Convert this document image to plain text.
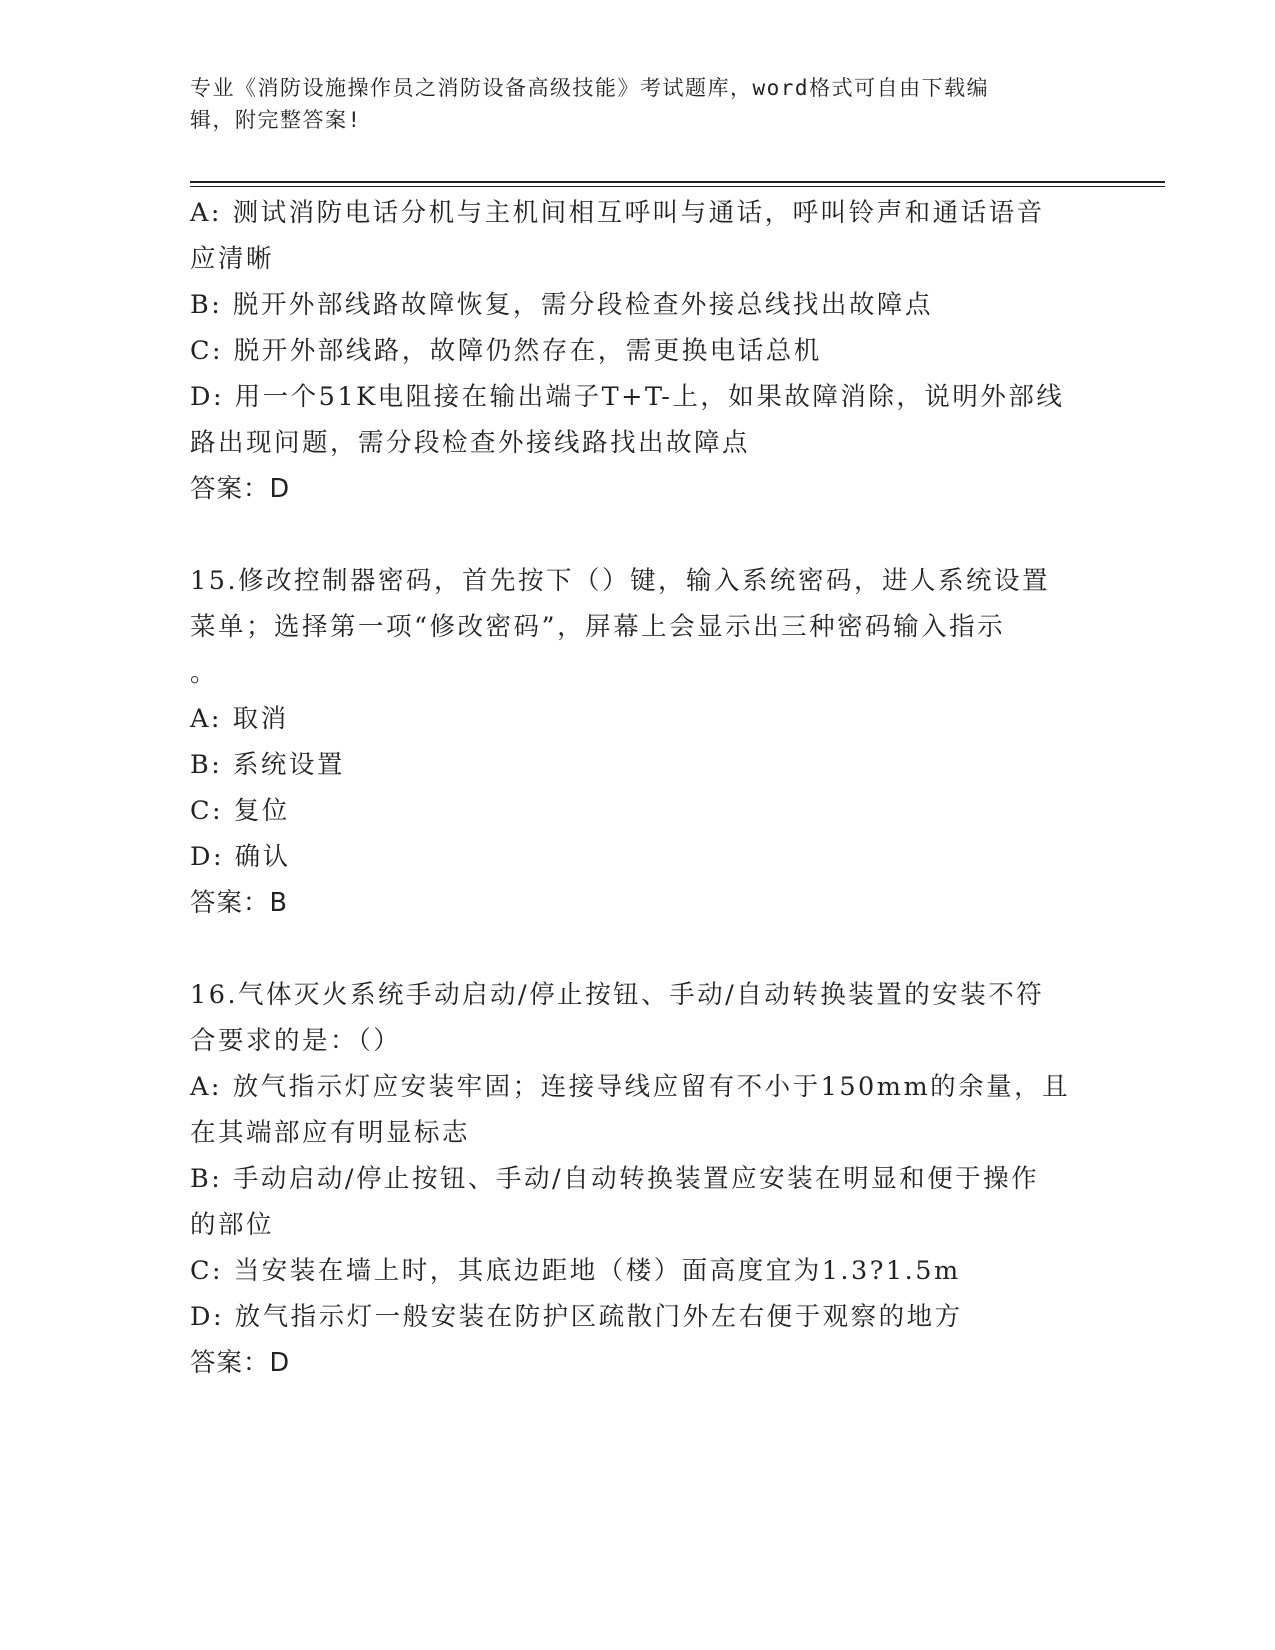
专业《消防设施操作员之消防设备高级技能》考试题库，word格式可自由下载编
辑，附完整答案!

A: 测试消防电话分机与主机间相互呼叫与通话，呼叫铃声和通话语音

应清晰

B: 脱开外部线路故障恢复，需分段检查外接总线找出故障点

C: 脱开外部线路，故障仍然存在，需更换电话总机

D: 用一个51K电阻接在输出端子T+T-上，如果故障消除，说明外部线

路出现问题，需分段检查外接线路找出故障点

答案：D

15.修改控制器密码，首先按下（）键，输入系统密码，进人系统设置

菜单；选择第一项“修改密码”，屏幕上会显示出三种密码输入指示

。

A: 取消

B: 系统设置

C: 复位

D: 确认

答案：B

16.气体灭火系统手动启动/停止按钮、手动/自动转换装置的安装不符

合要求的是：（）

A: 放气指示灯应安装牢固；连接导线应留有不小于150mm的余量，且

在其端部应有明显标志

B: 手动启动/停止按钮、手动/自动转换装置应安装在明显和便于操作

的部位

C: 当安装在墙上时，其底边距地（楼）面高度宜为1.3?1.5m

D: 放气指示灯一般安装在防护区疏散门外左右便于观察的地方

答案：D
